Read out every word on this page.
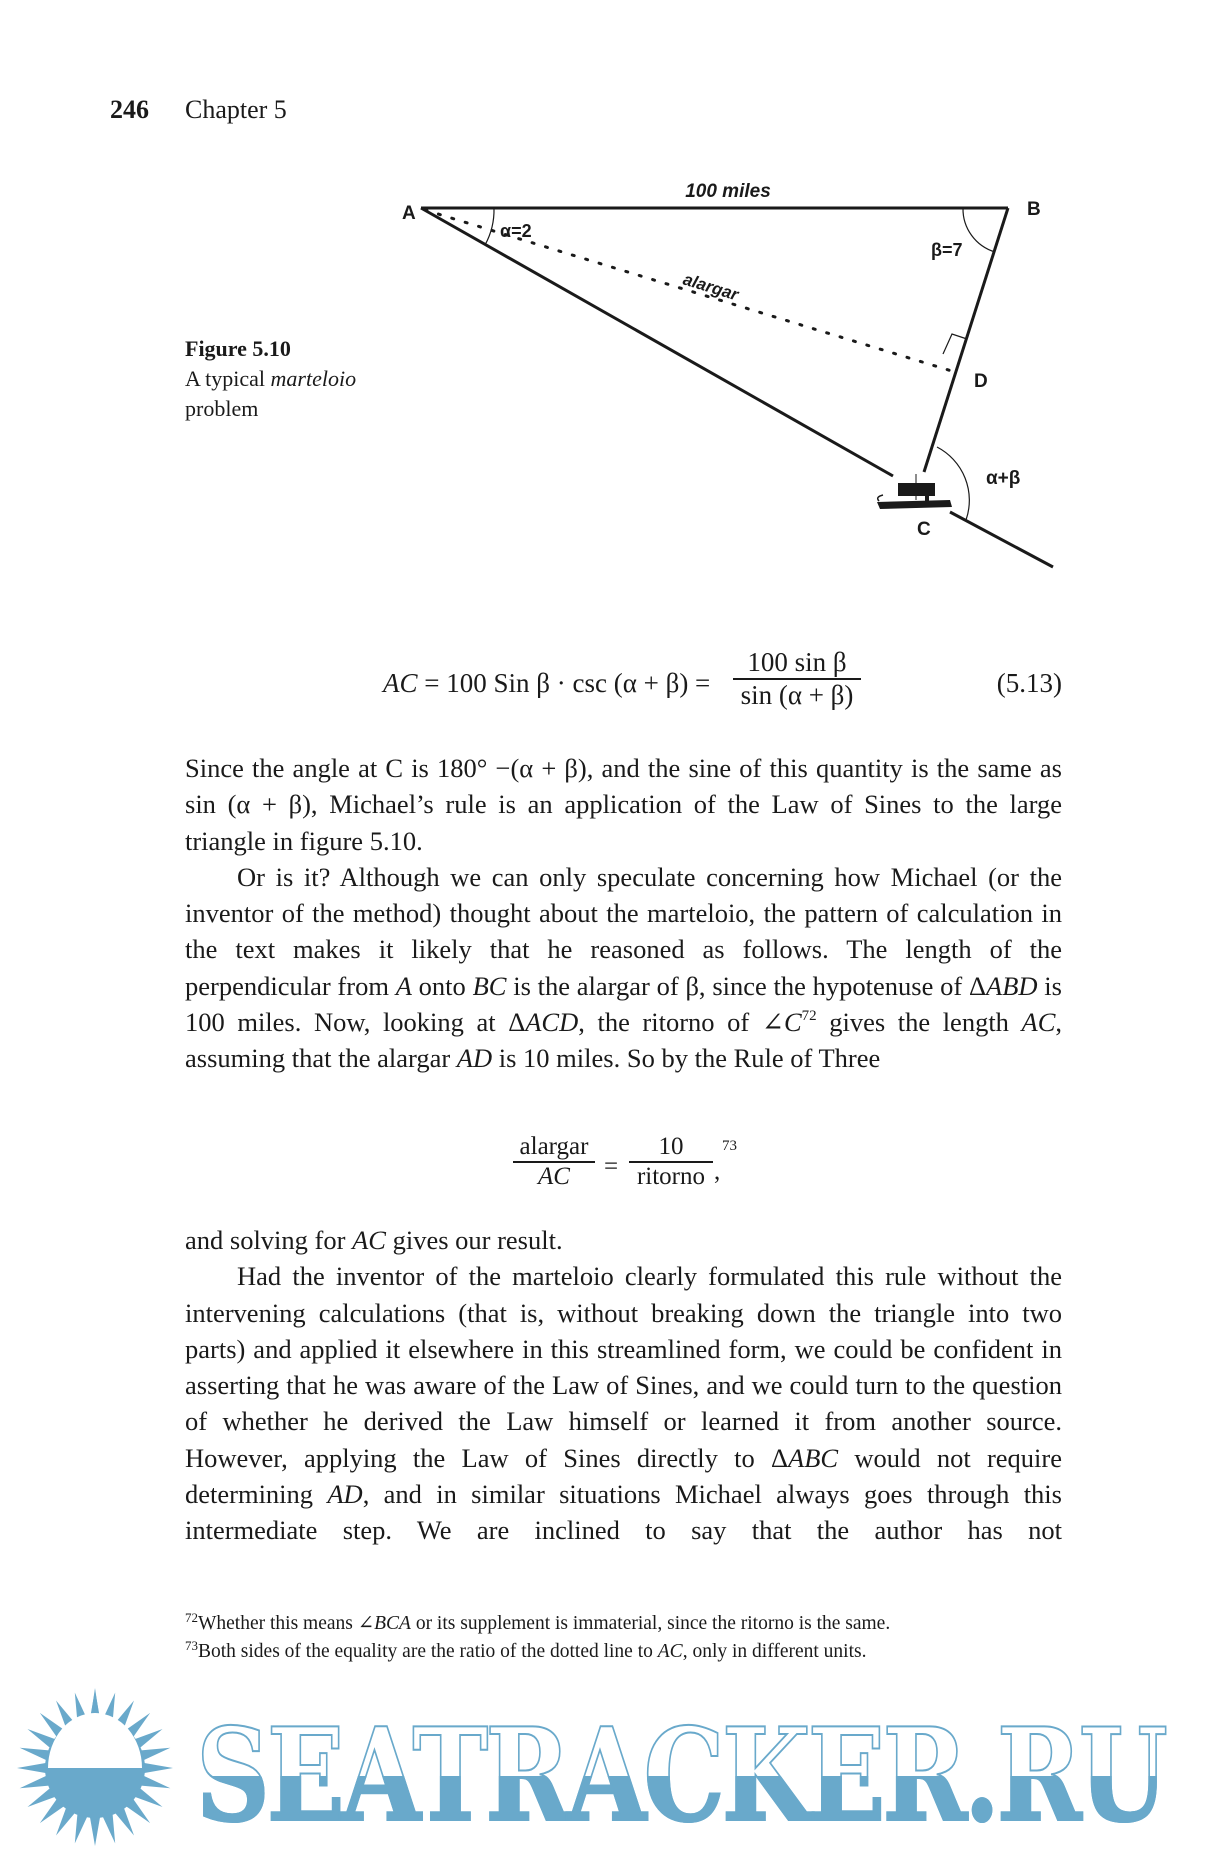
246 Chapter 5
Figure 5.10
A typical marteloio
problem
100 miles
A	B
C
D
α=2
β=7
α+β
alargar
AC = 100 Sin β · csc (α + β) =
100 sin β
sin (α + β)	(5.13)

Since the angle at C is 180° −(α + β), and the sine of this quantity is the same as sin (α + β), Michael’s rule is an application of the Law of Sines to the large triangle in figure 5.10.

Or is it? Although we can only speculate concerning how Michael (or the inventor of the method) thought about the marteloio, the pattern of calculation in the text makes it likely that he reasoned as follows. The length of the perpendicular from A onto BC is the alargar of β, since the hypotenuse of ΔABD is 100 miles. Now, looking at ΔACD, the ritorno of $\angle C^{72}$ gives the length AC, assuming that the alargar AD is 10 miles. So by the Rule of Three

alargar
AC	=
10
ritorno ,
73

and solving for AC gives our result.

Had the inventor of the marteloio clearly formulated this rule without the intervening calculations (that is, without breaking down the triangle into two parts) and applied it elsewhere in this streamlined form, we could be confident in asserting that he was aware of the Law of Sines, and we could turn to the question of whether he derived the Law himself or learned it from another source. However, applying the Law of Sines directly to ΔABC would not require determining AD, and in similar situations Michael always goes through this intermediate step. We are inclined to say that the author has not

$^{72}$Whether this means ∠BCA or its supplement is immaterial, since the ritorno is the same.
$^{73}$Both sides of the equality are the ratio of the dotted line to AC, only in different units.
SEATRACKER.RU
